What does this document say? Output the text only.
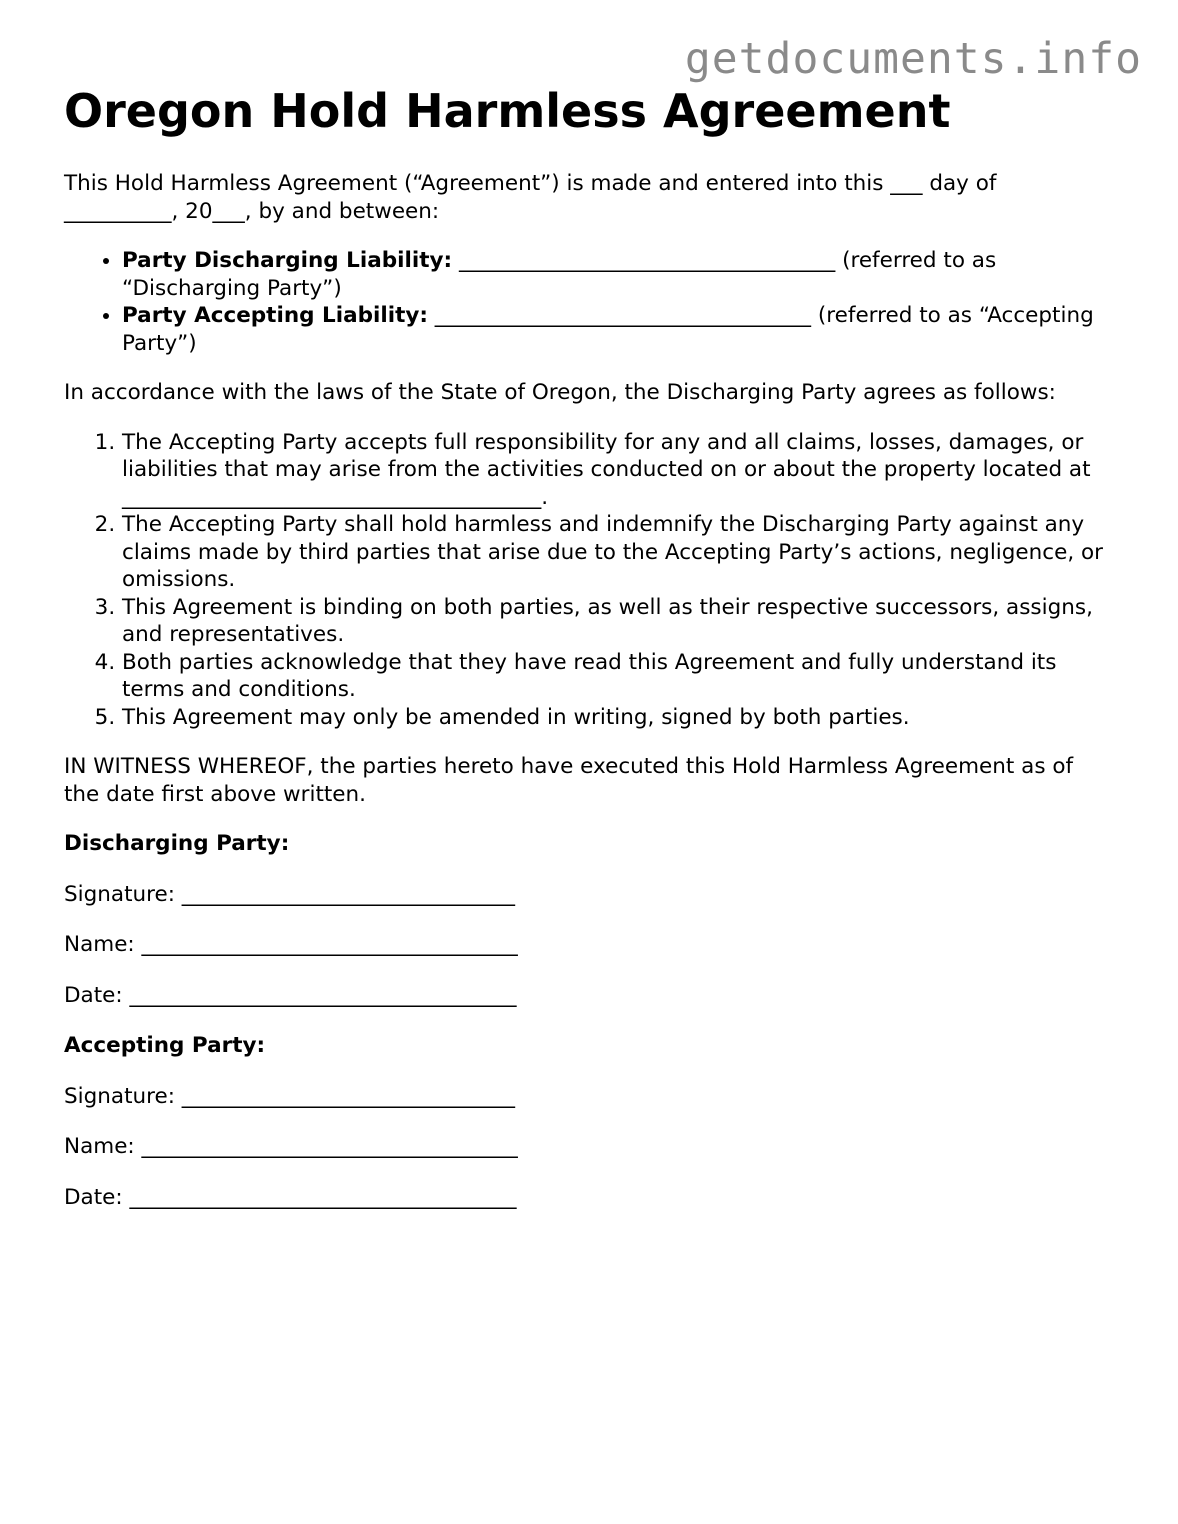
getdocuments.info
Oregon Hold Harmless Agreement

This Hold Harmless Agreement (“Agreement”) is made and entered into this ___ day of __________, 20___, by and between:

• Party Discharging Liability: ___________________________________ (referred to as “Discharging Party”)
• Party Accepting Liability: ___________________________________ (referred to as “Accepting Party”)

In accordance with the laws of the State of Oregon, the Discharging Party agrees as follows:

1. The Accepting Party accepts full responsibility for any and all claims, losses, damages, or liabilities that may arise from the activities conducted on or about the property located at _______________________________________.
2. The Accepting Party shall hold harmless and indemnify the Discharging Party against any claims made by third parties that arise due to the Accepting Party’s actions, negligence, or omissions.
3. This Agreement is binding on both parties, as well as their respective successors, assigns, and representatives.
4. Both parties acknowledge that they have read this Agreement and fully understand its terms and conditions.
5. This Agreement may only be amended in writing, signed by both parties.

IN WITNESS WHEREOF, the parties hereto have executed this Hold Harmless Agreement as of the date first above written.

Discharging Party:
Signature: _______________________________
Name: ___________________________________
Date: ____________________________________
Accepting Party:
Signature: _______________________________
Name: ___________________________________
Date: ____________________________________
